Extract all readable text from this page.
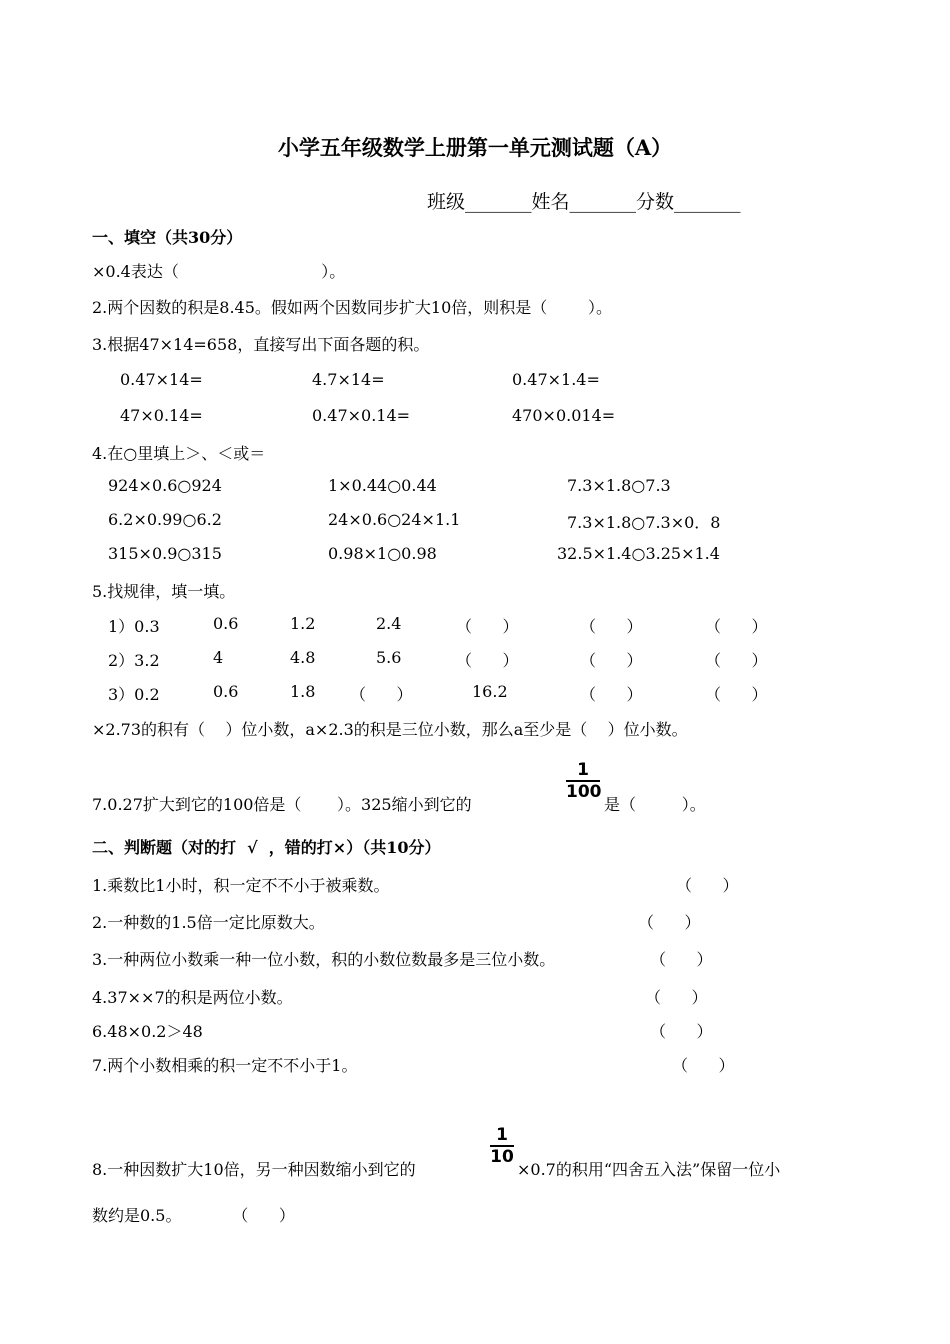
小学五年级数学上册第一单元测试题（A）
班级_______姓名_______分数_______
一、填空（共30分）
×0.4表达（                            ）。
2.两个因数的积是8.45。假如两个因数同步扩大10倍，则积是（        ）。
3.根据47×14=658，直接写出下面各题的积。
0.47×14=	4.7×14=	0.47×1.4=
47×0.14=	0.47×0.14=	470×0.014=
4.在○里填上＞、＜或＝
924×0.6○924	1×0.44○0.44	7.3×1.8○7.3
6.2×0.99○6.2	24×0.6○24×1.1	7.3×1.8○7.3×0．8
315×0.9○315	0.98×1○0.98	32.5×1.4○3.25×1.4
5.找规律，填一填。
1）0.3	0.6	1.2	2.4	（      ）	（      ）	（      ）
2）3.2	4	4.8	5.6	（      ）	（      ）	（      ）
3）0.2	0.6	1.8 （      ）	16.2	（      ）	（      ）
×2.73的积有（    ）位小数，a×2.3的积是三位小数，那么a至少是（    ）位小数。
7.0.27扩大到它的100倍是（       ）。325缩小到它的
1
100
是（         ）。
二、判断题（对的打  √  ，错的打×）（共10分）
1.乘数比1小时，积一定不不小于被乘数。	（      ）
2.一种数的1.5倍一定比原数大。	（      ）
3.一种两位小数乘一种一位小数，积的小数位数最多是三位小数。	（      ）
4.37××7的积是两位小数。	（      ）
6.48×0.2＞48	（      ）
7.两个小数相乘的积一定不不小于1。	（      ）
8.一种因数扩大10倍，另一种因数缩小到它的
1
10
×0.7的积用“四舍五入法”保留一位小
数约是0.5。          （      ）
